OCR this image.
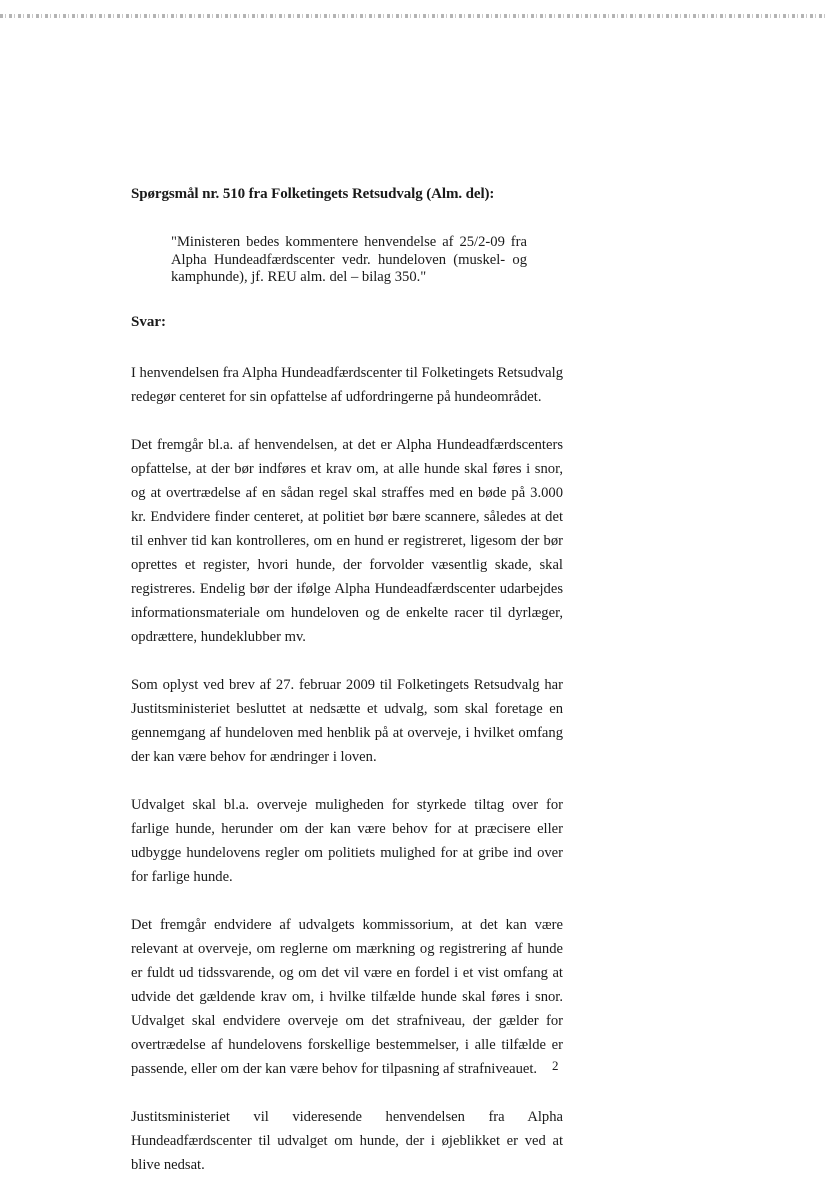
Spørgsmål nr. 510 fra Folketingets Retsudvalg (Alm. del):
"Ministeren bedes kommentere henvendelse af 25/2-09 fra Alpha Hundeadfærdscenter vedr. hundeloven (muskel- og kamphunde), jf. REU alm. del – bilag 350."
Svar:

I henvendelsen fra Alpha Hundeadfærdscenter til Folketingets Retsudvalg redegør centeret for sin opfattelse af udfordringerne på hundeområdet.

Det fremgår bl.a. af henvendelsen, at det er Alpha Hundeadfærdscenters opfattelse, at der bør indføres et krav om, at alle hunde skal føres i snor, og at overtrædelse af en sådan regel skal straffes med en bøde på 3.000 kr. Endvidere finder centeret, at politiet bør bære scannere, således at det til enhver tid kan kontrolleres, om en hund er registreret, ligesom der bør oprettes et register, hvori hunde, der forvolder væsentlig skade, skal registreres. Endelig bør der ifølge Alpha Hundeadfærdscenter udarbejdes informationsmateriale om hundeloven og de enkelte racer til dyrlæger, opdrættere, hundeklubber mv.

Som oplyst ved brev af 27. februar 2009 til Folketingets Retsudvalg har Justitsministeriet besluttet at nedsætte et udvalg, som skal foretage en gennemgang af hundeloven med henblik på at overveje, i hvilket omfang der kan være behov for ændringer i loven.

Udvalget skal bl.a. overveje muligheden for styrkede tiltag over for farlige hunde, herunder om der kan være behov for at præcisere eller udbygge hundelovens regler om politiets mulighed for at gribe ind over for farlige hunde.

Det fremgår endvidere af udvalgets kommissorium, at det kan være relevant at overveje, om reglerne om mærkning og registrering af hunde er fuldt ud tidssvarende, og om det vil være en fordel i et vist omfang at udvide det gældende krav om, i hvilke tilfælde hunde skal føres i snor. Udvalget skal endvidere overveje om det strafniveau, der gælder for overtrædelse af hundelovens forskellige bestemmelser, i alle tilfælde er passende, eller om der kan være behov for tilpasning af strafniveauet.

Justitsministeriet vil videresende henvendelsen fra Alpha Hundeadfærdscenter til udvalget om hunde, der i øjeblikket er ved at blive nedsat.

2
